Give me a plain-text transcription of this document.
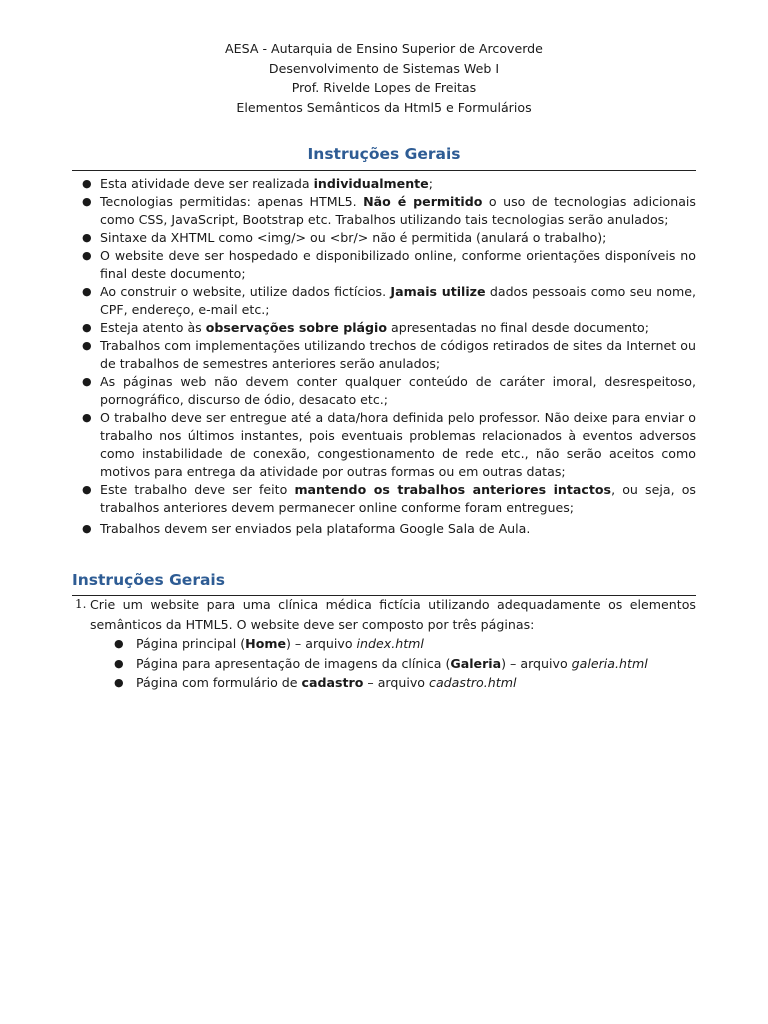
AESA - Autarquia de Ensino Superior de Arcoverde
Desenvolvimento de Sistemas Web I
Prof. Rivelde Lopes de Freitas
Elementos Semânticos da Html5 e Formulários
Instruções Gerais
● Esta atividade deve ser realizada individualmente;
● Tecnologias permitidas: apenas HTML5. Não é permitido o uso de tecnologias adicionais como CSS, JavaScript, Bootstrap etc. Trabalhos utilizando tais tecnologias serão anulados;
● Sintaxe da XHTML como <img/> ou <br/> não é permitida (anulará o trabalho);
● O website deve ser hospedado e disponibilizado online, conforme orientações disponíveis no final deste documento;
● Ao construir o website, utilize dados fictícios. Jamais utilize dados pessoais como seu nome, CPF, endereço, e-mail etc.;
● Esteja atento às observações sobre plágio apresentadas no final desde documento;
● Trabalhos com implementações utilizando trechos de códigos retirados de sites da Internet ou de trabalhos de semestres anteriores serão anulados;
● As páginas web não devem conter qualquer conteúdo de caráter imoral, desrespeitoso, pornográfico, discurso de ódio, desacato etc.;
● O trabalho deve ser entregue até a data/hora definida pelo professor. Não deixe para enviar o trabalho nos últimos instantes, pois eventuais problemas relacionados à eventos adversos como instabilidade de conexão, congestionamento de rede etc., não serão aceitos como motivos para entrega da atividade por outras formas ou em outras datas;
● Este trabalho deve ser feito mantendo os trabalhos anteriores intactos, ou seja, os trabalhos anteriores devem permanecer online conforme foram entregues;
● Trabalhos devem ser enviados pela plataforma Google Sala de Aula.
Instruções Gerais
1. Crie um website para uma clínica médica fictícia utilizando adequadamente os elementos semânticos da HTML5. O website deve ser composto por três páginas:
● Página principal (Home) – arquivo index.html
● Página para apresentação de imagens da clínica (Galeria) – arquivo galeria.html
● Página com formulário de cadastro – arquivo cadastro.html
